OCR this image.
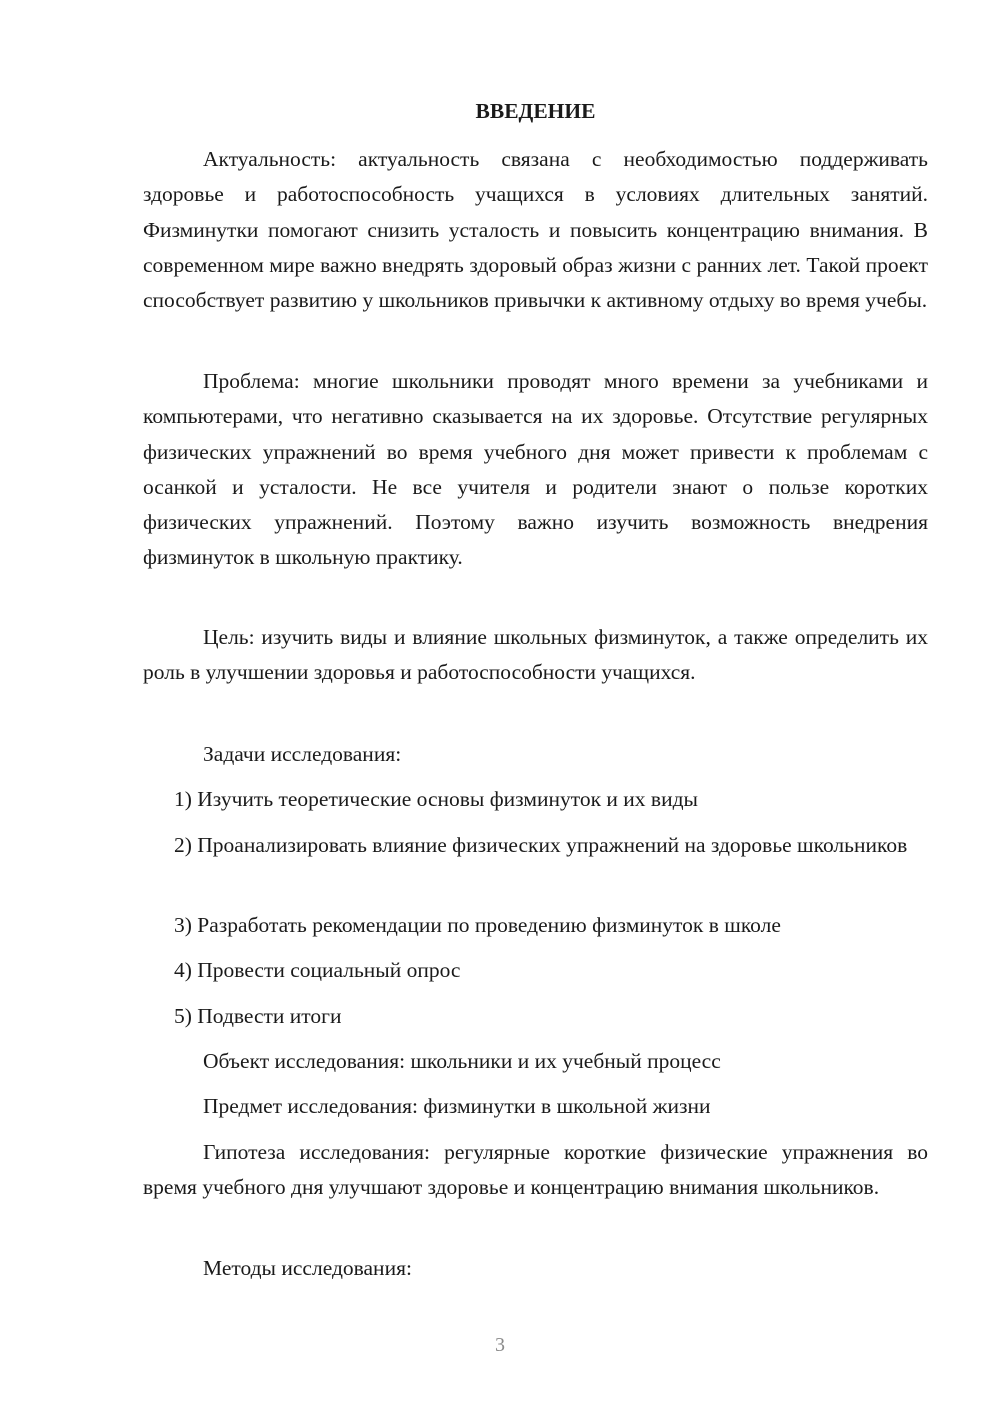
ВВЕДЕНИЕ

Актуальность: актуальность связана с необходимостью поддерживать здоровье и работоспособность учащихся в условиях длительных занятий. Физминутки помогают снизить усталость и повысить концентрацию внимания. В современном мире важно внедрять здоровый образ жизни с ранних лет. Такой проект способствует развитию у школьников привычки к активному отдыху во время учебы.

Проблема: многие школьники проводят много времени за учебниками и компьютерами, что негативно сказывается на их здоровье. Отсутствие регулярных физических упражнений во время учебного дня может привести к проблемам с осанкой и усталости. Не все учителя и родители знают о пользе коротких физических упражнений. Поэтому важно изучить возможность внедрения физминуток в школьную практику.

Цель: изучить виды и влияние школьных физминуток, а также определить их роль в улучшении здоровья и работоспособности учащихся.

Задачи исследования:

1) Изучить теоретические основы физминуток и их виды

2) Проанализировать влияние физических упражнений на здоровье школьников

3) Разработать рекомендации по проведению физминуток в школе

4) Провести социальный опрос

5) Подвести итоги

Объект исследования: школьники и их учебный процесс

Предмет исследования: физминутки в школьной жизни

Гипотеза исследования: регулярные короткие физические упражнения во время учебного дня улучшают здоровье и концентрацию внимания школьников.

Методы исследования:

3
